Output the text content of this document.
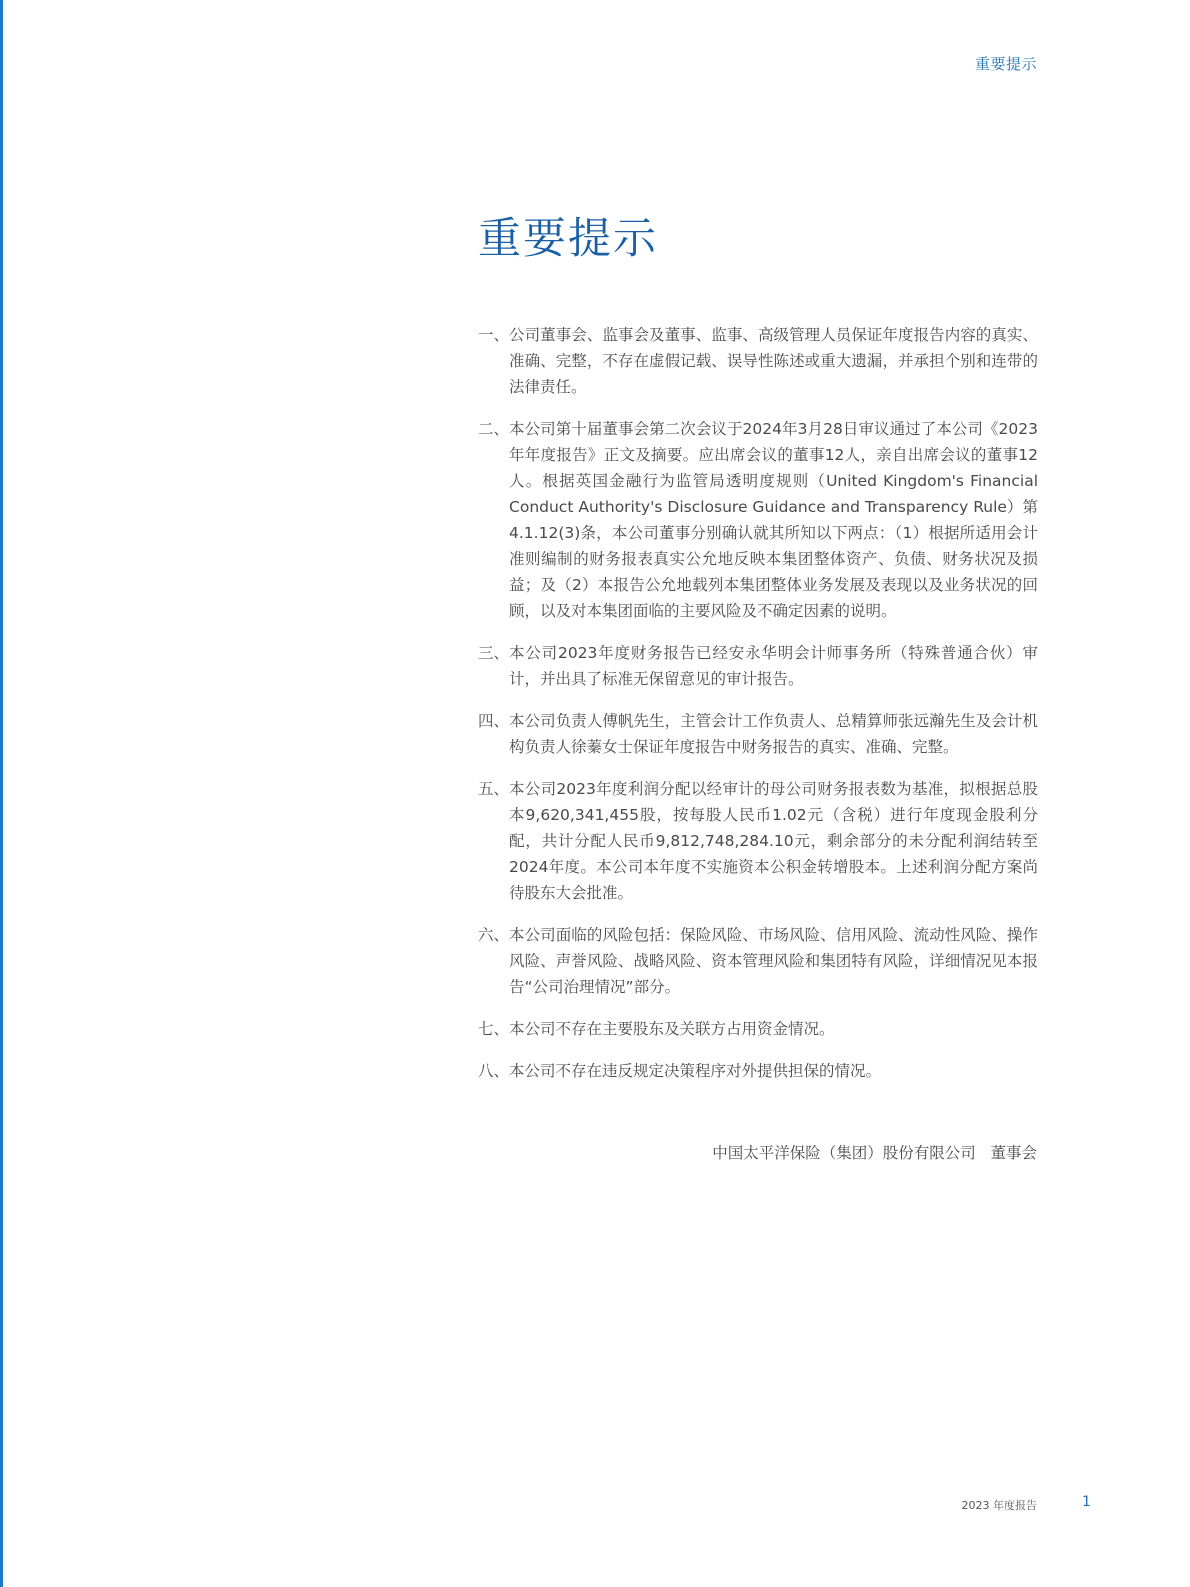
重要提示
重要提示
一、 公司董事会、监事会及董事、监事、高级管理人员保证年度报告内容的真实、准确、完整，不存在虚假记载、误导性陈述或重大遗漏，并承担个别和连带的法律责任。
二、 本公司第十届董事会第二次会议于2024年3月28日审议通过了本公司《2023年年度报告》正文及摘要。应出席会议的董事12人，亲自出席会议的董事12人。根据英国金融行为监管局透明度规则（United Kingdom's Financial Conduct Authority's Disclosure Guidance and Transparency Rule）第4.1.12(3)条，本公司董事分别确认就其所知以下两点：（1）根据所适用会计准则编制的财务报表真实公允地反映本集团整体资产、负债、财务状况及损益；及（2）本报告公允地载列本集团整体业务发展及表现以及业务状况的回顾，以及对本集团面临的主要风险及不确定因素的说明。
三、 本公司2023年度财务报告已经安永华明会计师事务所（特殊普通合伙）审计，并出具了标准无保留意见的审计报告。
四、 本公司负责人傅帆先生，主管会计工作负责人、总精算师张远瀚先生及会计机构负责人徐蓁女士保证年度报告中财务报告的真实、准确、完整。
五、 本公司2023年度利润分配以经审计的母公司财务报表数为基准，拟根据总股本9,620,341,455股，按每股人民币1.02元（含税）进行年度现金股利分配，共计分配人民币9,812,748,284.10元，剩余部分的未分配利润结转至2024年度。本公司本年度不实施资本公积金转增股本。上述利润分配方案尚待股东大会批准。
六、 本公司面临的风险包括：保险风险、市场风险、信用风险、流动性风险、操作风险、声誉风险、战略风险、资本管理风险和集团特有风险，详细情况见本报告“公司治理情况”部分。
七、 本公司不存在主要股东及关联方占用资金情况。
八、 本公司不存在违反规定决策程序对外提供担保的情况。
中国太平洋保险（集团）股份有限公司   董事会
2023 年度报告	1
